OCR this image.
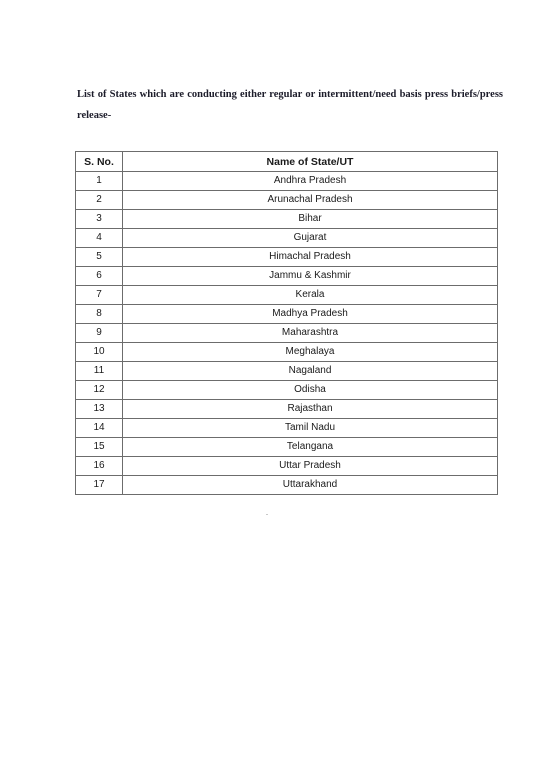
List of States which are conducting either regular or intermittent/need basis press briefs/press release-

S. No.	Name of State/UT
1	Andhra Pradesh
2	Arunachal Pradesh
3	Bihar
4	Gujarat
5	Himachal Pradesh
6	Jammu & Kashmir
7	Kerala
8	Madhya Pradesh
9	Maharashtra
10	Meghalaya
11	Nagaland
12	Odisha
13	Rajasthan
14	Tamil Nadu
15	Telangana
16	Uttar Pradesh
17	Uttarakhand
